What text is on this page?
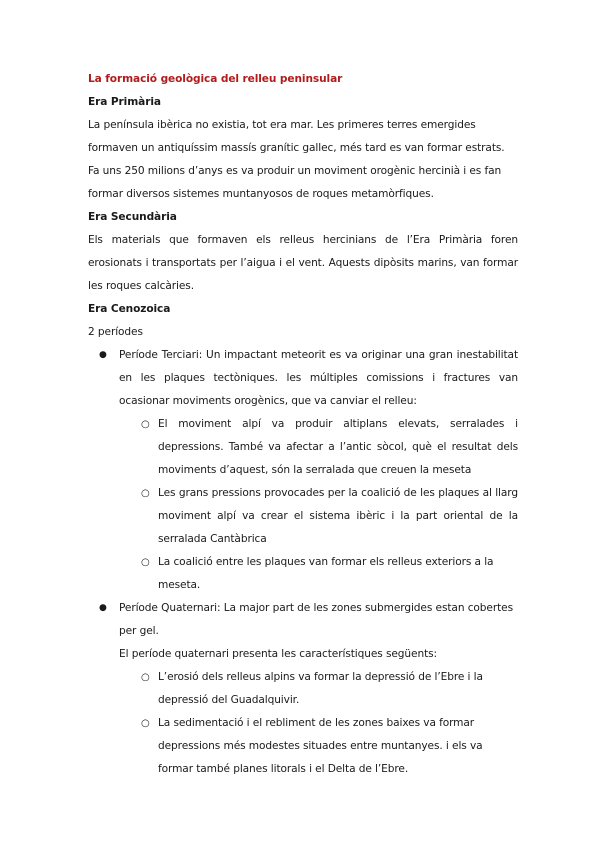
La formació geològica del relleu peninsular

Era Primària

La península ibèrica no existia, tot era mar. Les primeres terres emergides formaven un antiquíssim massís granític gallec, més tard es van formar estrats.

Fa uns 250 milions d’anys es va produir un moviment orogènic hercinià i es fan formar diversos sistemes muntanyosos de roques metamòrfiques.

Era Secundària

Els materials que formaven els relleus hercinians de l’Era Primària foren erosionats i transportats per l’aigua i el vent. Aquests dipòsits marins, van formar les roques calcàries.

Era Cenozoica

2 períodes

● Període Terciari: Un impactant meteorit es va originar una gran inestabilitat en les plaques tectòniques. les múltiples comissions i fractures van ocasionar moviments orogènics, que va canviar el relleu:
○ El moviment alpí va produir altiplans elevats, serralades i depressions. També va afectar a l’antic sòcol, què el resultat dels moviments d’aquest, són la serralada que creuen la meseta
○ Les grans pressions provocades per la coalició de les plaques al llarg moviment alpí va crear el sistema ibèric i la part oriental de la serralada Cantàbrica
○ La coalició entre les plaques van formar els relleus exteriors a la meseta.
● Període Quaternari: La major part de les zones submergides estan cobertes per gel.
El període quaternari presenta les característiques següents:
○ L’erosió dels relleus alpins va formar la depressió de l’Ebre i la depressió del Guadalquivir.
○ La sedimentació i el rebliment de les zones baixes va formar depressions més modestes situades entre muntanyes. i els va formar també planes litorals i el Delta de l’Ebre.
